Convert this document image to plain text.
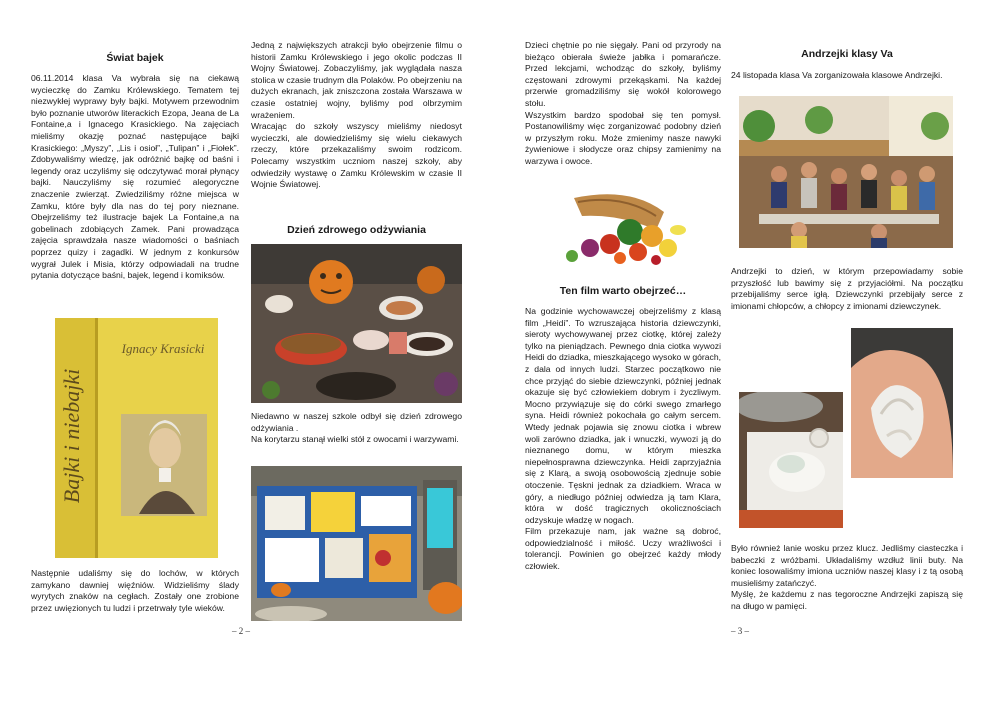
Świat bajek

06.11.2014 klasa Va wybrała się na ciekawą wycieczkę do Zamku Królewskiego. Tematem tej niezwykłej wyprawy były bajki. Motywem przewodnim było poznanie utworów literackich Ezopa, Jeana de La Fontaine,a i Ignacego Krasickiego. Na zajęciach mieliśmy okazję poznać następujące bajki Krasickiego: „Myszy”, „Lis i osioł”, „Tulipan” i „Fiołek”. Zdobywaliśmy wiedzę, jak odróżnić bajkę od baśni i legendy oraz uczyliśmy się odczytywać morał płynący bajki. Nauczyliśmy się rozumieć alegoryczne znaczenie zwierząt. Zwiedziliśmy różne miejsca w Zamku, które były dla nas do tej pory nieznane. Obejrzeliśmy też ilustracje bajek La Fontaine,a na gobelinach zdobiących Zamek. Pani prowadząca zajęcia sprawdzała nasze wiadomości o baśniach poprzez quizy i zagadki. W jednym z konkursów wygrał Julek i Misia, którzy odpowiadali na trudne pytania dotyczące baśni, bajek, legend i komiksów.

Ignacy Krasicki
Bajki i niebajki

Następnie udaliśmy się do lochów, w których zamykano dawniej więźniów. Widzieliśmy ślady wyrytych znaków na cegłach. Zostały one zrobione przez uwięzionych tu ludzi i przetrwały tyle wieków.

Jedną z największych atrakcji było obejrzenie filmu o historii Zamku Królewskiego i jego okolic podczas II Wojny Światowej. Zobaczyliśmy, jak wyglądała nasza stolica w czasie trudnym dla Polaków. Po obejrzeniu na dużych ekranach, jak zniszczona została Warszawa w czasie ostatniej wojny, byliśmy pod olbrzymim wrażeniem.

Wracając do szkoły wszyscy mieliśmy niedosyt wycieczki, ale dowiedzieliśmy się wielu ciekawych rzeczy, które przekazaliśmy swoim rodzicom. Polecamy wszystkim uczniom naszej szkoły, aby odwiedziły wystawę o Zamku Królewskim w czasie II Wojnie Światowej.

Dzień zdrowego odżywiania

Niedawno w naszej szkole odbył się dzień zdrowego odżywiania .

Na korytarzu stanął wielki stół z owocami i warzywami.

– 2 –

Dzieci chętnie po nie sięgały. Pani od przyrody na bieżąco obierała świeże jabłka i pomarańcze. Przed lekcjami, wchodząc do szkoły, byliśmy częstowani zdrowymi przekąskami. Na każdej przerwie gromadziliśmy się wokół kolorowego stołu.

Wszystkim bardzo spodobał się ten pomysł. Postanowiliśmy więc zorganizować podobny dzień w przyszłym roku. Może zmienimy nasze nawyki żywieniowe i słodycze oraz chipsy zamienimy na warzywa i owoce.

Ten film warto obejrzeć…

Na godzinie wychowawczej obejrzeliśmy z klasą film „Heidi”. To wzruszająca historia dziewczynki, sieroty wychowywanej przez ciotkę, której zależy tylko na pieniądzach. Pewnego dnia ciotka wywozi Heidi do dziadka, mieszkającego wysoko w górach, z dala od innych ludzi. Starzec początkowo nie chce przyjąć do siebie dziewczynki, później jednak okazuje się być człowiekiem dobrym i życzliwym. Mocno przywiązuje się do córki swego zmarłego syna. Heidi również pokochała go całym sercem. Wtedy jednak pojawia się znowu ciotka i wbrew woli zarówno dziadka, jak i wnuczki, wywozi ją do nieznanego domu, w którym mieszka niepełnosprawna dziewczynka. Heidi zaprzyjaźnia się z Klarą, a swoją osobowością zjednuje sobie otoczenie. Tęskni jednak za dziadkiem. Wraca w góry, a niedługo później odwiedza ją tam Klara, która w dość tragicznych okolicznościach odzyskuje władzę w nogach.

Film przekazuje nam, jak ważne są dobroć, odpowiedzialność i miłość. Uczy wrażliwości i tolerancji. Powinien go obejrzeć każdy młody człowiek.

Andrzejki klasy Va

24 listopada klasa Va zorganizowała klasowe Andrzejki.

Andrzejki to dzień, w którym przepowiadamy sobie przyszłość lub bawimy się z przyjaciółmi. Na początku przebijaliśmy serce igłą. Dziewczynki przebijały serce z imionami chłopców, a chłopcy z imionami dziewczynek.

Było również lanie wosku przez klucz. Jedliśmy ciasteczka i babeczki z wróżbami. Układaliśmy wzdłuż linii buty. Na koniec losowaliśmy imiona uczniów naszej klasy i z tą osobą musieliśmy zatańczyć.

Myślę, że każdemu z nas tegoroczne Andrzejki zapiszą się na długo w pamięci.

– 3 –
